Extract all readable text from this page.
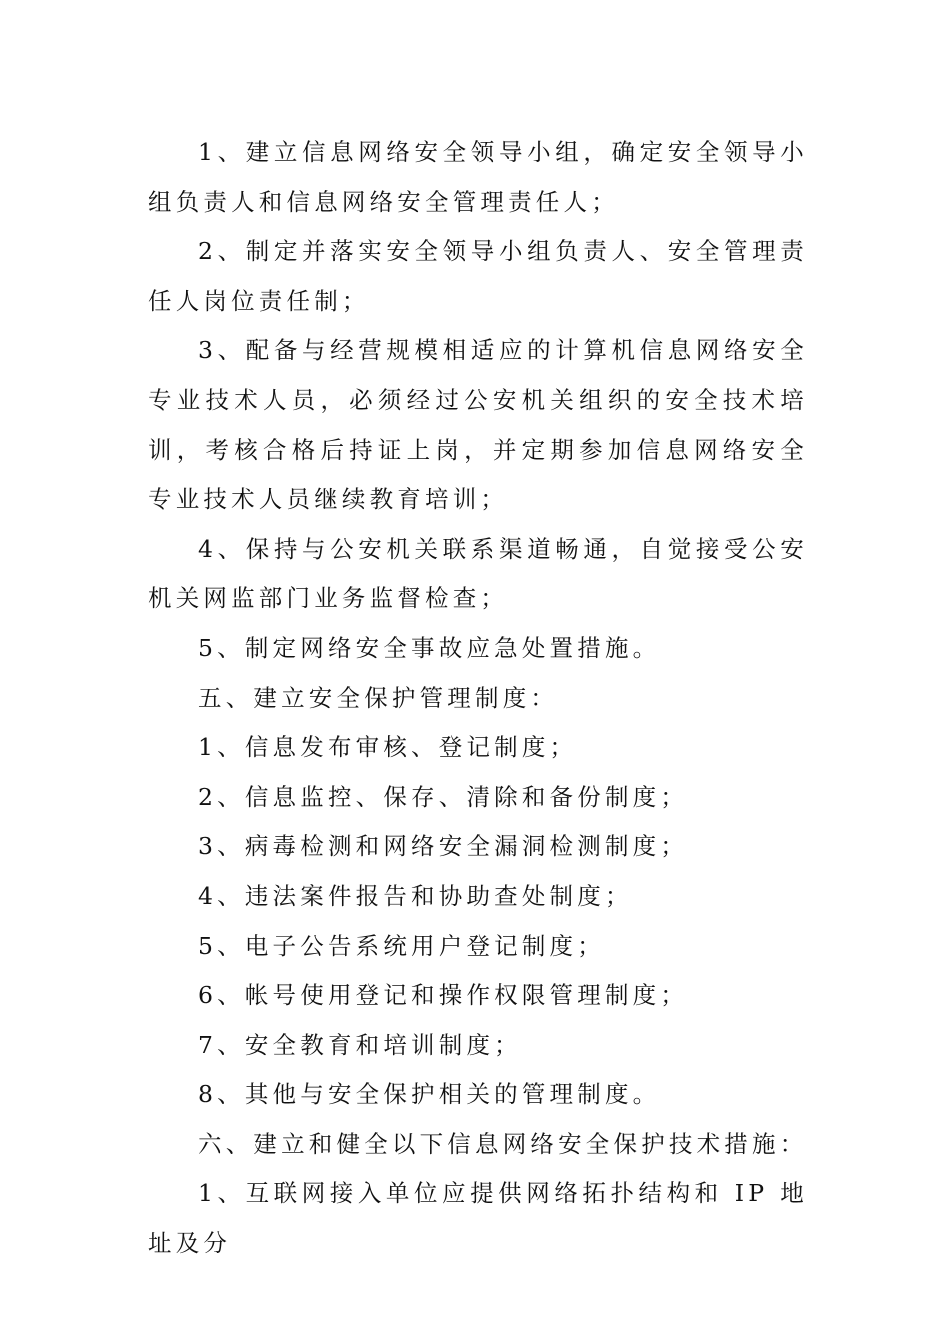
1、建立信息网络安全领导小组，确定安全领导小组负责人和信息网络安全管理责任人；

2、制定并落实安全领导小组负责人、安全管理责任人岗位责任制；

3、配备与经营规模相适应的计算机信息网络安全专业技术人员，必须经过公安机关组织的安全技术培训，考核合格后持证上岗，并定期参加信息网络安全专业技术人员继续教育培训；

4、保持与公安机关联系渠道畅通，自觉接受公安机关网监部门业务监督检查；

5、制定网络安全事故应急处置措施。

五、建立安全保护管理制度：

1、信息发布审核、登记制度；

2、信息监控、保存、清除和备份制度；

3、病毒检测和网络安全漏洞检测制度；

4、违法案件报告和协助查处制度；

5、电子公告系统用户登记制度；

6、帐号使用登记和操作权限管理制度；

7、安全教育和培训制度；

8、其他与安全保护相关的管理制度。

六、建立和健全以下信息网络安全保护技术措施：

1、互联网接入单位应提供网络拓扑结构和 IP 地址及分
